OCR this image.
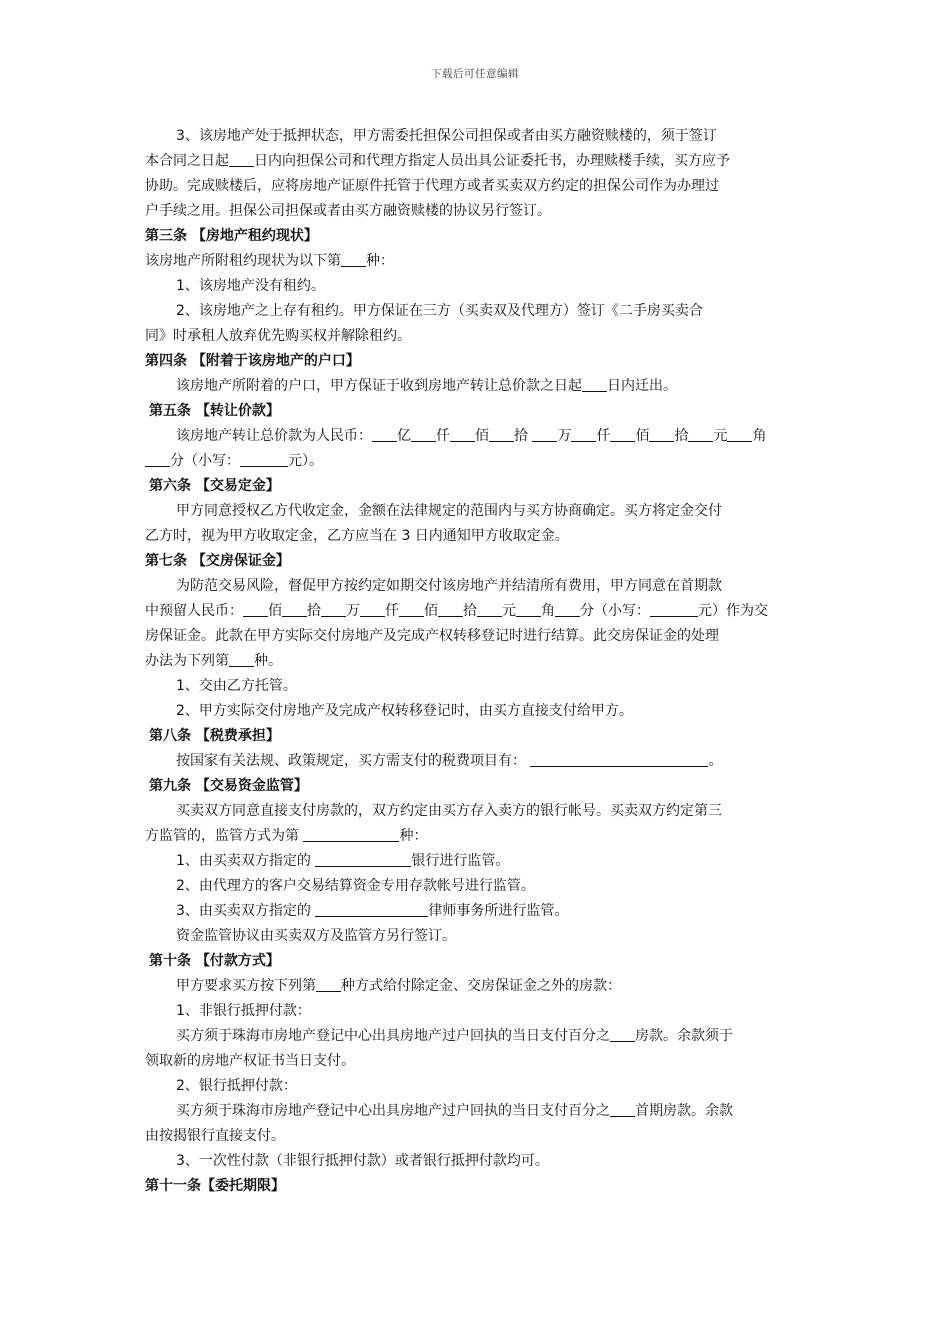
下载后可任意编辑
3、该房地产处于抵押状态，甲方需委托担保公司担保或者由买方融资赎楼的，须于签订
本合同之日起 日内向担保公司和代理方指定人员出具公证委托书，办理赎楼手续，买方应予
协助。完成赎楼后，应将房地产证原件托管于代理方或者买卖双方约定的担保公司作为办理过
户手续之用。担保公司担保或者由买方融资赎楼的协议另行签订。
第三条 【房地产租约现状】
该房地产所附租约现状为以下第 种：
1、该房地产没有租约。
2、该房地产之上存有租约。甲方保证在三方（买卖双及代理方）签订《二手房买卖合
同》时承租人放弃优先购买权并解除租约。
第四条 【附着于该房地产的户口】
该房地产所附着的户口，甲方保证于收到房地产转让总价款之日起 日内迁出。
第五条 【转让价款】
该房地产转让总价款为人民币： 亿 仟 佰 拾 万 仟 佰 拾 元 角
分（小写：	元）。
第六条 【交易定金】
甲方同意授权乙方代收定金，金额在法律规定的范围内与买方协商确定。买方将定金交付
乙方时，视为甲方收取定金，乙方应当在 3 日内通知甲方收取定金。
第七条 【交房保证金】
为防范交易风险，督促甲方按约定如期交付该房地产并结清所有费用，甲方同意在首期款
中预留人民币： 佰 拾 万 仟 佰 拾 元 角 分（小写：	元）作为交
房保证金。此款在甲方实际交付房地产及完成产权转移登记时进行结算。此交房保证金的处理
办法为下列第 种。
1、交由乙方托管。
2、甲方实际交付房地产及完成产权转移登记时，由买方直接支付给甲方。
第八条 【税费承担】
按国家有关法规、政策规定，买方需支付的税费项目有：	。
第九条 【交易资金监管】
买卖双方同意直接支付房款的，双方约定由买方存入卖方的银行帐号。买卖双方约定第三
方监管的，监管方式为第	种：
1、由买卖双方指定的	银行进行监管。
2、由代理方的客户交易结算资金专用存款帐号进行监管。
3、由买卖双方指定的	律师事务所进行监管。
资金监管协议由买卖双方及监管方另行签订。
第十条 【付款方式】
甲方要求买方按下列第 种方式给付除定金、交房保证金之外的房款：
1、非银行抵押付款：
买方须于珠海市房地产登记中心出具房地产过户回执的当日支付百分之 房款。余款须于
领取新的房地产权证书当日支付。
2、银行抵押付款：
买方须于珠海市房地产登记中心出具房地产过户回执的当日支付百分之 首期房款。余款
由按揭银行直接支付。
3、一次性付款（非银行抵押付款）或者银行抵押付款均可。
第十一条【委托期限】
